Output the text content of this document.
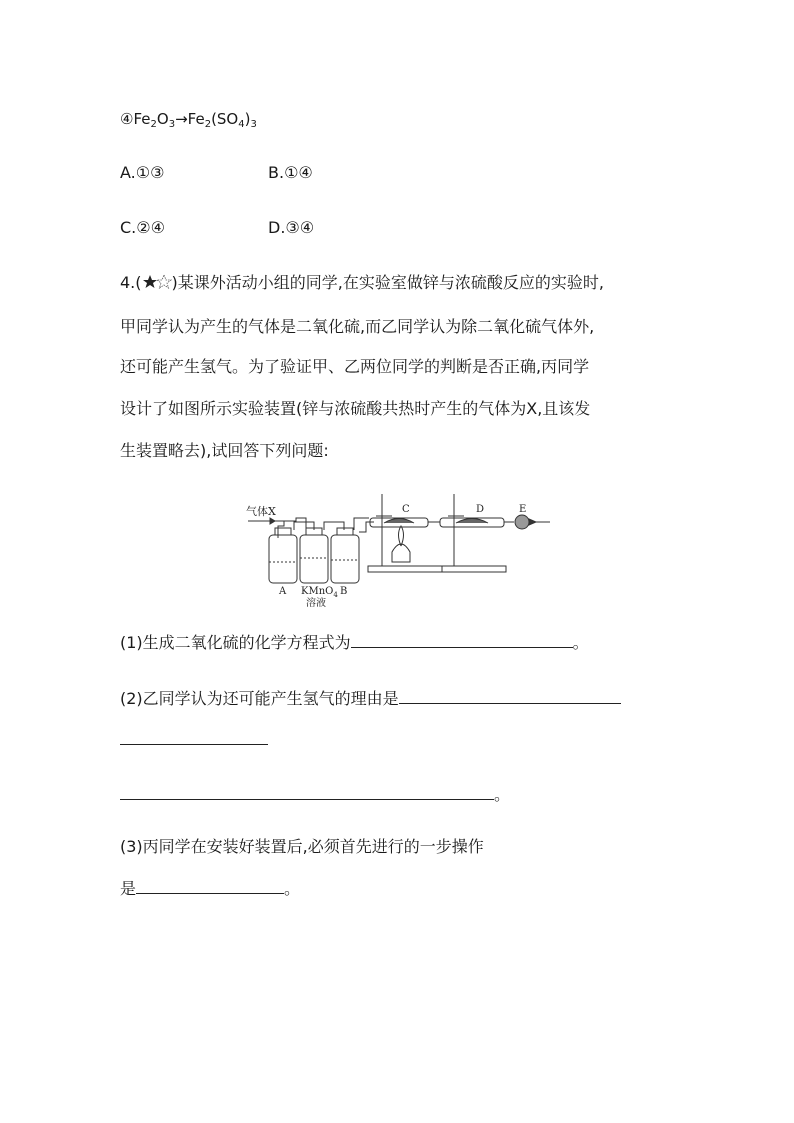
$④Fe_2O_3\to Fe_2(SO_4)_3$
A.①③	B.①④
C.②④	D.③④
4.( )某课外活动小组的同学,在实验室做锌与浓硫酸反应的实验时,
甲同学认为产生的气体是二氧化硫,而乙同学认为除二氧化硫气体外,
还可能产生氢气。为了验证甲、乙两位同学的判断是否正确,丙同学
设计了如图所示实验装置(锌与浓硫酸共热时产生的气体为X,且该发
生装置略去),试回答下列问题:
气体X
A KMnO$_4$ B
溶液
C	D	E
(1)生成二氧化硫的化学方程式为	。
(2)乙同学认为还可能产生氢气的理由是
。
(3)丙同学在安装好装置后,必须首先进行的一步操作
是	。
